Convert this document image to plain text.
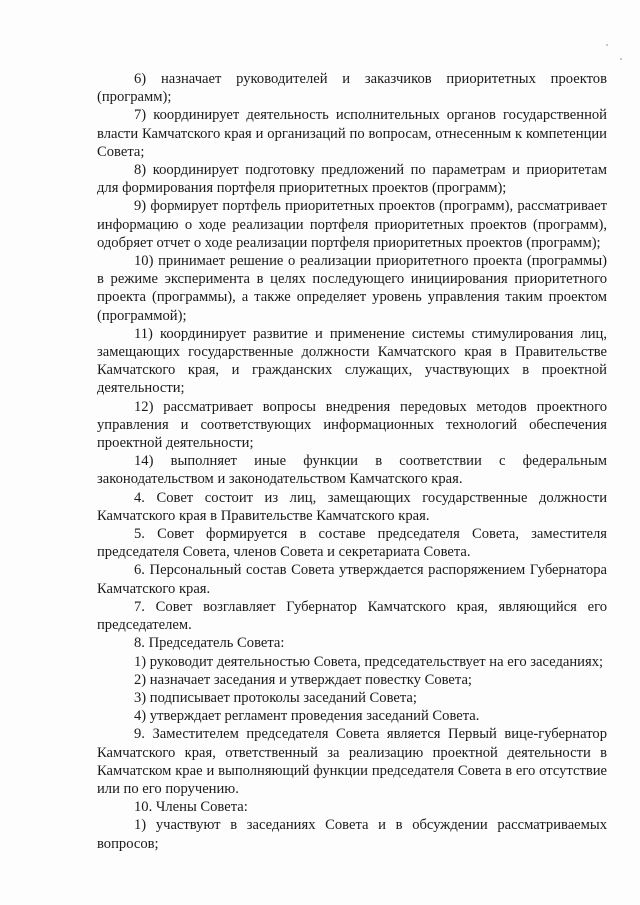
6) назначает руководителей и заказчиков приоритетных проектов (программ);

7) координирует деятельность исполнительных органов государственной власти Камчатского края и организаций по вопросам, отнесенным к компетенции Совета;

8) координирует подготовку предложений по параметрам и приоритетам для формирования портфеля приоритетных проектов (программ);

9) формирует портфель приоритетных проектов (программ), рассматривает информацию о ходе реализации портфеля приоритетных проектов (программ), одобряет отчет о ходе реализации портфеля приоритетных проектов (программ);

10) принимает решение о реализации приоритетного проекта (программы) в режиме эксперимента в целях последующего инициирования приоритетного проекта (программы), а также определяет уровень управления таким проектом (программой);

11) координирует развитие и применение системы стимулирования лиц, замещающих государственные должности Камчатского края в Правительстве Камчатского края, и гражданских служащих, участвующих в проектной деятельности;

12) рассматривает вопросы внедрения передовых методов проектного управления и соответствующих информационных технологий обеспечения проектной деятельности;

14) выполняет иные функции в соответствии с федеральным законодательством и законодательством Камчатского края.

4. Совет состоит из лиц, замещающих государственные должности Камчатского края в Правительстве Камчатского края.

5. Совет формируется в составе председателя Совета, заместителя председателя Совета, членов Совета и секретариата Совета.

6. Персональный состав Совета утверждается распоряжением Губернатора Камчатского края.

7. Совет возглавляет Губернатор Камчатского края, являющийся его председателем.

8. Председатель Совета:

1) руководит деятельностью Совета, председательствует на его заседаниях;

2) назначает заседания и утверждает повестку Совета;

3) подписывает протоколы заседаний Совета;

4) утверждает регламент проведения заседаний Совета.

9. Заместителем председателя Совета является Первый вице-губернатор Камчатского края, ответственный за реализацию проектной деятельности в Камчатском крае и выполняющий функции председателя Совета в его отсутствие или по его поручению.

10. Члены Совета:

1) участвуют в заседаниях Совета и в обсуждении рассматриваемых вопросов;
